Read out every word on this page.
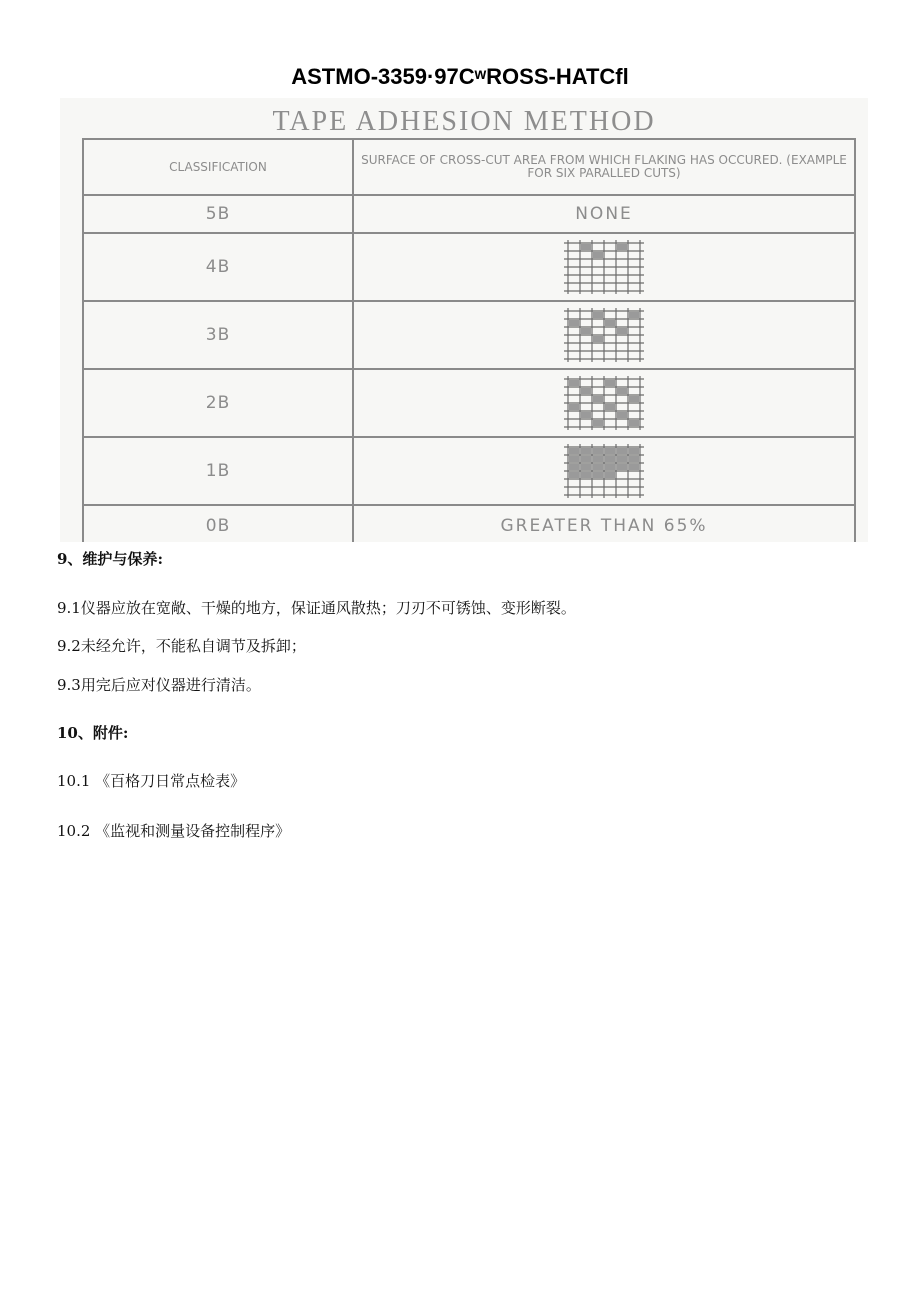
ASTMO-3359·97CʷROSS-HATCfl
TAPE ADHESION METHOD
CLASSIFICATION	SURFACE OF CROSS-CUT AREA FROM WHICH FLAKING HAS OCCURED. (EXAMPLE FOR SIX PARALLED CUTS)
5B	NONE
4B	

3B	

2B	

1B	

0B	GREATER THAN 65%
9、维护与保养:
9.1仪器应放在宽敞、干燥的地方，保证通风散热；刀刃不可锈蚀、变形断裂。
9.2未经允许，不能私自调节及拆卸；
9.3用完后应对仪器进行清洁。
10、附件:
10.1 《百格刀日常点检表》
10.2 《监视和测量设备控制程序》
